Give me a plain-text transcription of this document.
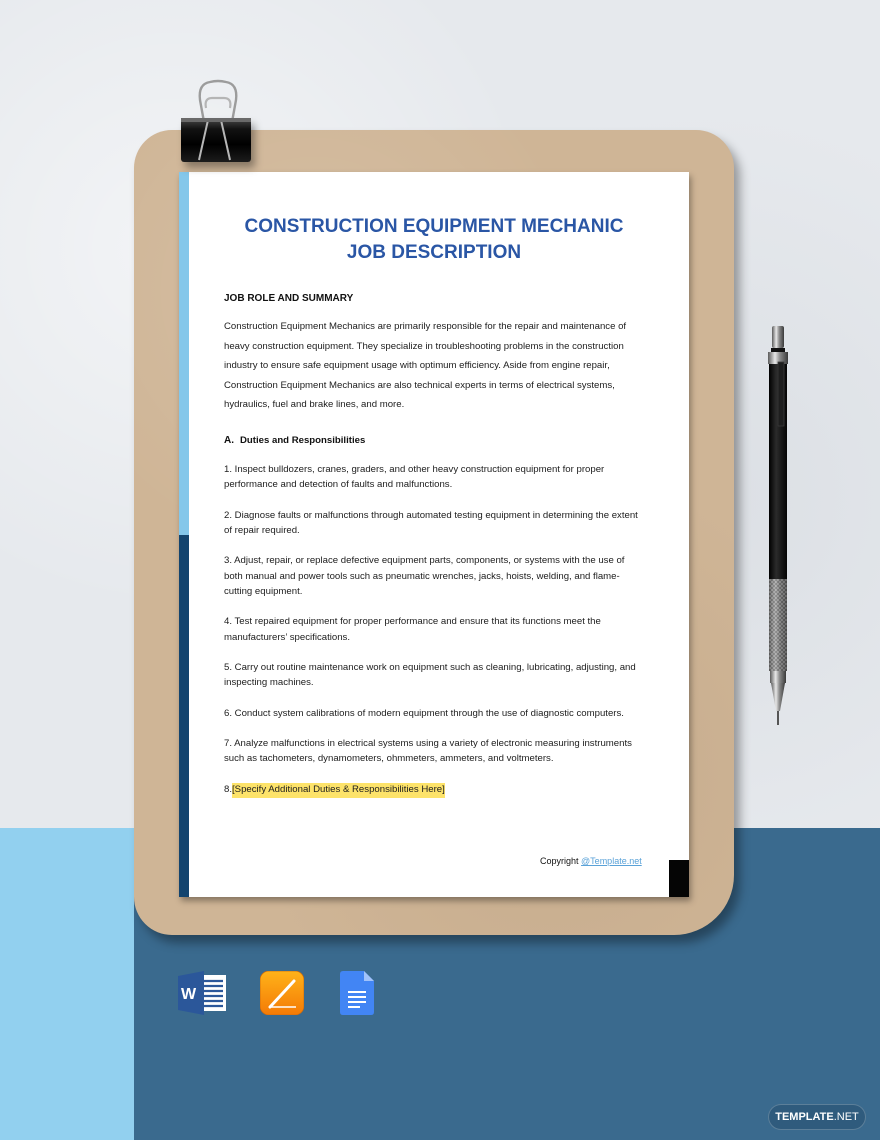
CONSTRUCTION EQUIPMENT MECHANIC
JOB DESCRIPTION
JOB ROLE AND SUMMARY
Construction Equipment Mechanics are primarily responsible for the repair and maintenance of heavy construction equipment. They specialize in troubleshooting problems in the construction industry to ensure safe equipment usage with optimum efficiency. Aside from engine repair, Construction Equipment Mechanics are also technical experts in terms of electrical systems, hydraulics, fuel and brake lines, and more.
A. Duties and Responsibilities
1. Inspect bulldozers, cranes, graders, and other heavy construction equipment for proper performance and detection of faults and malfunctions.
2. Diagnose faults or malfunctions through automated testing equipment in determining the extent of repair required.
3. Adjust, repair, or replace defective equipment parts, components, or systems with the use of both manual and power tools such as pneumatic wrenches, jacks, hoists, welding, and flame-cutting equipment.
4. Test repaired equipment for proper performance and ensure that its functions meet the manufacturers’ specifications.
5. Carry out routine maintenance work on equipment such as cleaning, lubricating, adjusting, and inspecting machines.
6. Conduct system calibrations of modern equipment through the use of diagnostic computers.
7. Analyze malfunctions in electrical systems using a variety of electronic measuring instruments such as tachometers, dynamometers, ohmmeters, ammeters, and voltmeters.
8.[Specify Additional Duties & Responsibilities Here]
Copyright @Template.net
W
TEMPLATE.NET
